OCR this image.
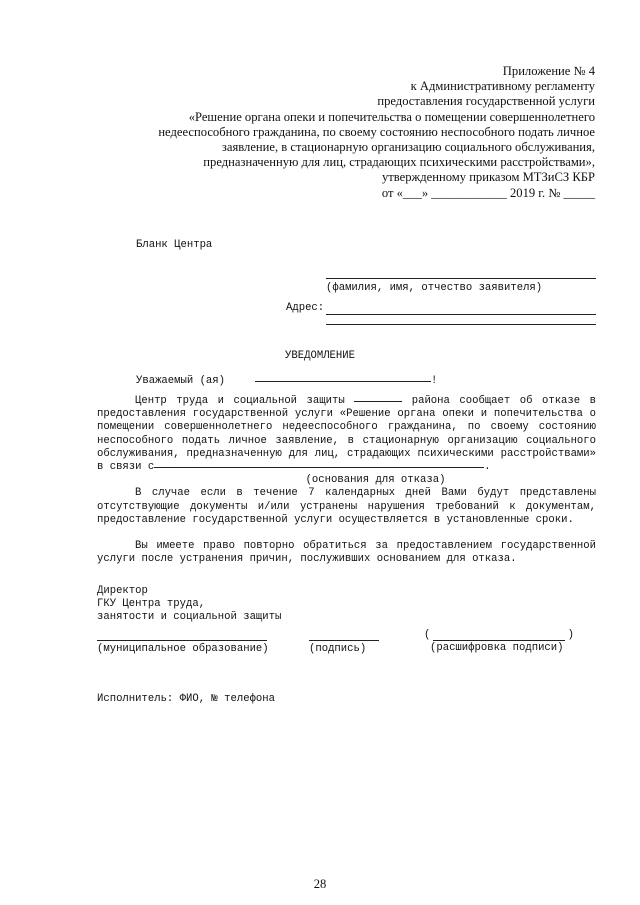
Приложение № 4
к Административному регламенту
предоставления государственной услуги
«Решение органа опеки и попечительства о помещении совершеннолетнего
недееспособного гражданина, по своему состоянию неспособного подать личное
заявление, в стационарную организацию социального обслуживания,
предназначенную для лиц, страдающих психическими расстройствами»,
утвержденному приказом МТЗиСЗ КБР
от «___» ____________ 2019 г. № _____
Бланк Центра
(фамилия, имя, отчество заявителя)
Адрес:
УВЕДОМЛЕНИЕ
Уважаемый (ая)	!

Центр труда и социальной защиты	района сообщает об отказе в предоставления государственной услуги «Решение органа опеки и попечительства о помещении совершеннолетнего недееспособного гражданина, по своему состоянию неспособного подать личное заявление, в стационарную организацию социального обслуживания, предназначенную для лиц, страдающих психическими расстройствами» в связи с	.

(основания для отказа)

В случае если в течение 7 календарных дней Вами будут представлены отсутствующие документы и/или устранены нарушения требований к документам, предоставление государственной услуги осуществляется в установленные сроки.

Вы имеете право повторно обратиться за предоставлением государственной услуги после устранения причин, послуживших основанием для отказа.

Директор
ГКУ Центра труда,
занятости и социальной защиты
(муниципальное образование)	(подпись)
(	)
(расшифровка подписи)
Исполнитель: ФИО, № телефона
28
